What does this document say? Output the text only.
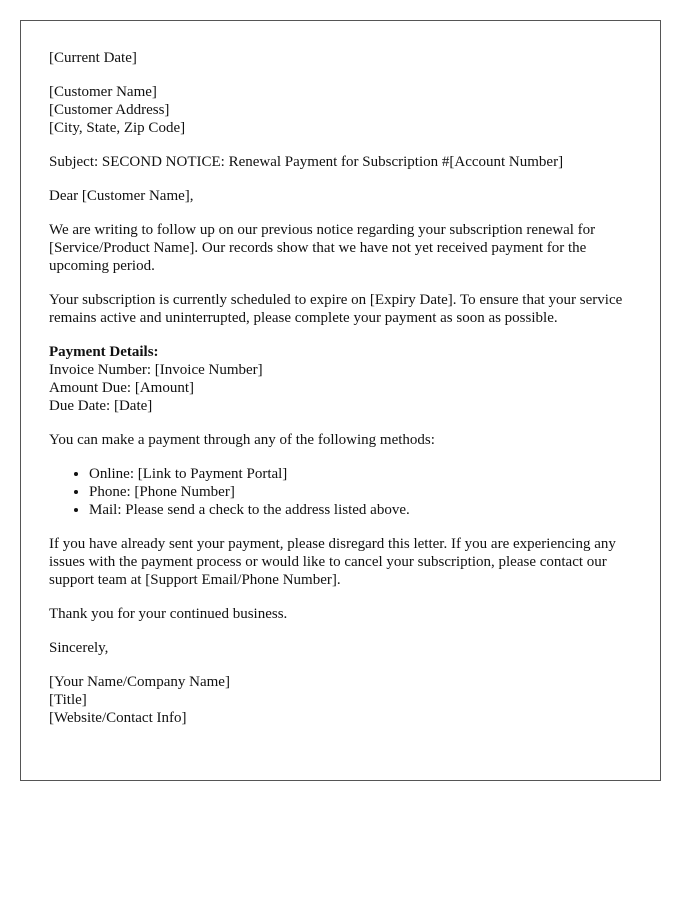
[Current Date]

[Customer Name]
[Customer Address]
[City, State, Zip Code]

Subject: SECOND NOTICE: Renewal Payment for Subscription #[Account Number]

Dear [Customer Name],

We are writing to follow up on our previous notice regarding your subscription renewal for [Service/Product Name]. Our records show that we have not yet received payment for the upcoming period.

Your subscription is currently scheduled to expire on [Expiry Date]. To ensure that your service remains active and uninterrupted, please complete your payment as soon as possible.

Payment Details:
Invoice Number: [Invoice Number]
Amount Due: [Amount]
Due Date: [Date]

You can make a payment through any of the following methods:

• Online: [Link to Payment Portal]
• Phone: [Phone Number]
• Mail: Please send a check to the address listed above.

If you have already sent your payment, please disregard this letter. If you are experiencing any issues with the payment process or would like to cancel your subscription, please contact our support team at [Support Email/Phone Number].

Thank you for your continued business.

Sincerely,

[Your Name/Company Name]
[Title]
[Website/Contact Info]
